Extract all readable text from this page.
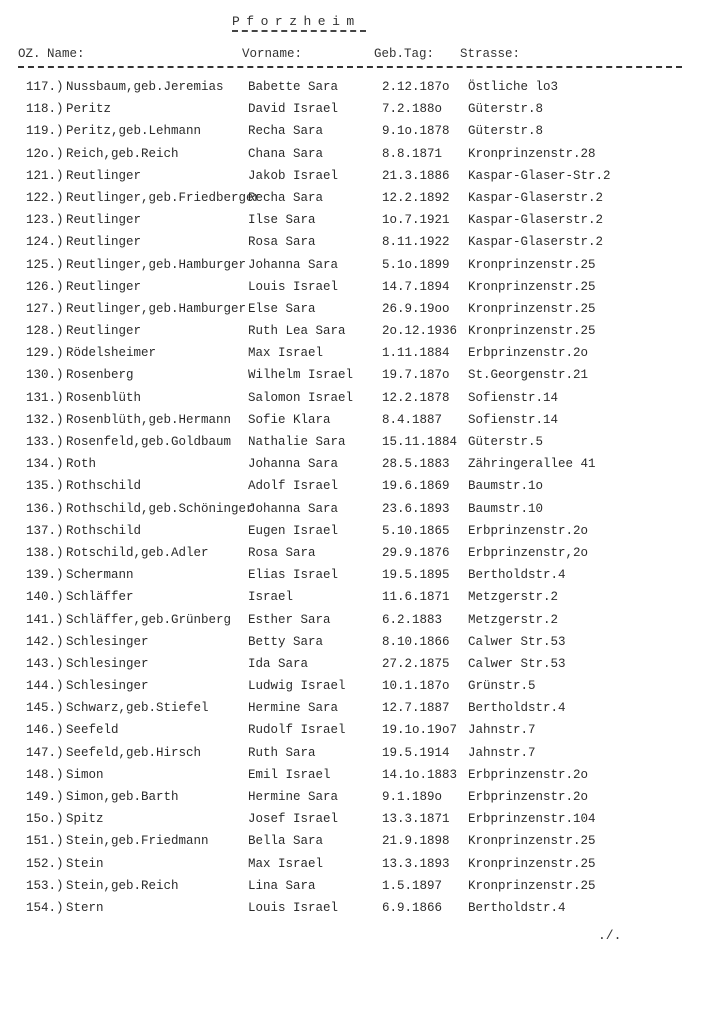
Pforzheim
OZ. Name:	Vorname:	Geb.Tag: Strasse:
117.) Nussbaum,geb.Jeremias Babette Sara	2.12.187o Östliche lo3
118.) Peritz	David Israel	7.2.188o Güterstr.8
119.) Peritz,geb.Lehmann	Recha Sara	9.1o.1878 Güterstr.8
12o.) Reich,geb.Reich	Chana Sara	8.8.1871 Kronprinzenstr.28
121.) Reutlinger	Jakob Israel	21.3.1886 Kaspar-Glaser-Str.2
122.) Reutlinger,geb.Friedberger
Recha Sara	12.2.1892 Kaspar-Glaserstr.2
123.) Reutlinger	Ilse Sara	1o.7.1921 Kaspar-Glaserstr.2
124.) Reutlinger	Rosa Sara	8.11.1922 Kaspar-Glaserstr.2
125.) Reutlinger,geb.Hamburger Johanna Sara	5.1o.1899 Kronprinzenstr.25
126.) Reutlinger	Louis Israel	14.7.1894 Kronprinzenstr.25
127.) Reutlinger,geb.Hamburger Else Sara	26.9.19oo Kronprinzenstr.25
128.) Reutlinger	Ruth Lea Sara	2o.12.1936 Kronprinzenstr.25
129.) Rödelsheimer	Max Israel	1.11.1884 Erbprinzenstr.2o
130.) Rosenberg	Wilhelm Israel 19.7.187o St.Georgenstr.21
131.) Rosenblüth	Salomon Israel 12.2.1878 Sofienstr.14
132.) Rosenblüth,geb.Hermann Sofie Klara	8.4.1887 Sofienstr.14
133.) Rosenfeld,geb.Goldbaum Nathalie Sara	15.11.1884 Güterstr.5
134.) Roth	Johanna Sara	28.5.1883 Zähringerallee 41
135.) Rothschild	Adolf Israel	19.6.1869 Baumstr.1o
136.) Rothschild,geb.Schöninger
Johanna Sara	23.6.1893 Baumstr.10
137.) Rothschild	Eugen Israel	5.10.1865 Erbprinzenstr.2o
138.) Rotschild,geb.Adler	Rosa Sara	29.9.1876 Erbprinzenstr,2o
139.) Schermann	Elias Israel	19.5.1895 Bertholdstr.4
140.) Schläffer	Israel	11.6.1871 Metzgerstr.2
141.) Schläffer,geb.Grünberg Esther Sara	6.2.1883 Metzgerstr.2
142.) Schlesinger	Betty Sara	8.10.1866 Calwer Str.53
143.) Schlesinger	Ida Sara	27.2.1875 Calwer Str.53
144.) Schlesinger	Ludwig Israel	10.1.187o Grünstr.5
145.) Schwarz,geb.Stiefel	Hermine Sara	12.7.1887 Bertholdstr.4
146.) Seefeld	Rudolf Israel	19.1o.19o7 Jahnstr.7
147.) Seefeld,geb.Hirsch	Ruth Sara	19.5.1914 Jahnstr.7
148.) Simon	Emil Israel	14.1o.1883 Erbprinzenstr.2o
149.) Simon,geb.Barth	Hermine Sara	9.1.189o Erbprinzenstr.2o
15o.) Spitz	Josef Israel	13.3.1871 Erbprinzenstr.104
151.) Stein,geb.Friedmann	Bella Sara	21.9.1898 Kronprinzenstr.25
152.) Stein	Max Israel	13.3.1893 Kronprinzenstr.25
153.) Stein,geb.Reich	Lina Sara	1.5.1897 Kronprinzenstr.25
154.) Stern	Louis Israel	6.9.1866 Bertholdstr.4
./.
